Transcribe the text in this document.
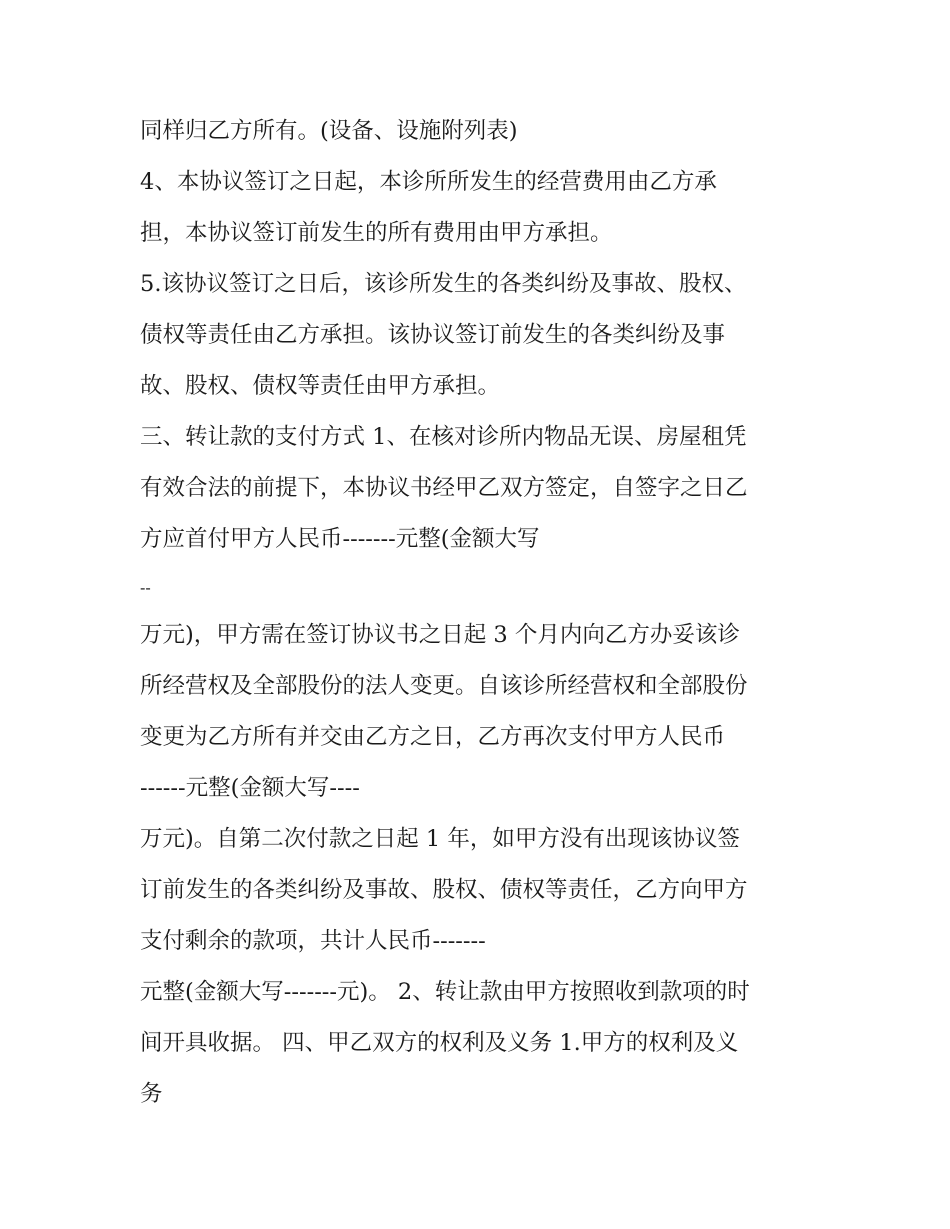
同样归乙方所有。(设备、设施附列表)
4、本协议签订之日起，本诊所所发生的经营费用由乙方承
担，本协议签订前发生的所有费用由甲方承担。
5.该协议签订之日后，该诊所发生的各类纠纷及事故、股权、
债权等责任由乙方承担。该协议签订前发生的各类纠纷及事
故、股权、债权等责任由甲方承担。
三、转让款的支付方式 1、在核对诊所内物品无误、房屋租凭
有效合法的前提下，本协议书经甲乙双方签定，自签字之日乙
方应首付甲方人民币-------元整(金额大写
--
万元)，甲方需在签订协议书之日起 3 个月内向乙方办妥该诊
所经营权及全部股份的法人变更。自该诊所经营权和全部股份
变更为乙方所有并交由乙方之日，乙方再次支付甲方人民币
------元整(金额大写----
万元)。自第二次付款之日起 1 年，如甲方没有出现该协议签
订前发生的各类纠纷及事故、股权、债权等责任，乙方向甲方
支付剩余的款项，共计人民币-------
元整(金额大写-------元)。 2、转让款由甲方按照收到款项的时
间开具收据。 四、甲乙双方的权利及义务 1.甲方的权利及义
务
